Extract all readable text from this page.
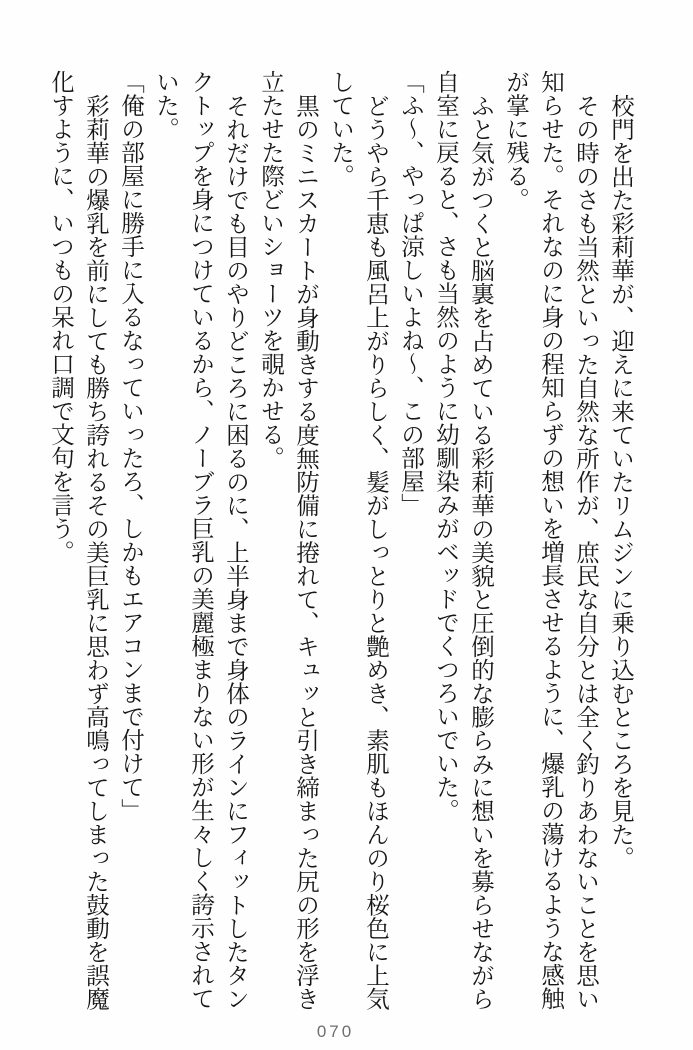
校門を出た彩莉華が、迎えに来ていたリムジンに乗り込むところを見た。

その時のさも当然といった自然な所作が、庶民な自分とは全く釣りあわないことを思い知らせた。それなのに身の程知らずの想いを増長させるように、爆乳の蕩けるような感触が掌に残る。

ふと気がつくと脳裏を占めている彩莉華の美貌と圧倒的な膨らみに想いを募らせながら自室に戻ると、さも当然のように幼馴染みがベッドでくつろいでいた。

「ふ〜、やっぱ涼しいよね〜、この部屋」

どうやら千恵も風呂上がりらしく、髪がしっとりと艶めき、素肌もほんのり桜色に上気していた。

黒のミニスカートが身動きする度無防備に捲れて、キュッと引き締まった尻の形を浮き立たせた際どいショーツを覗かせる。

それだけでも目のやりどころに困るのに、上半身まで身体のラインにフィットしたタンクトップを身につけているから、ノーブラ巨乳の美麗極まりない形が生々しく誇示されていた。

「俺の部屋に勝手に入るなっていったろ、しかもエアコンまで付けて」

彩莉華の爆乳を前にしても勝ち誇れるその美巨乳に思わず高鳴ってしまった鼓動を誤魔化すように、いつもの呆れ口調で文句を言う。

070
